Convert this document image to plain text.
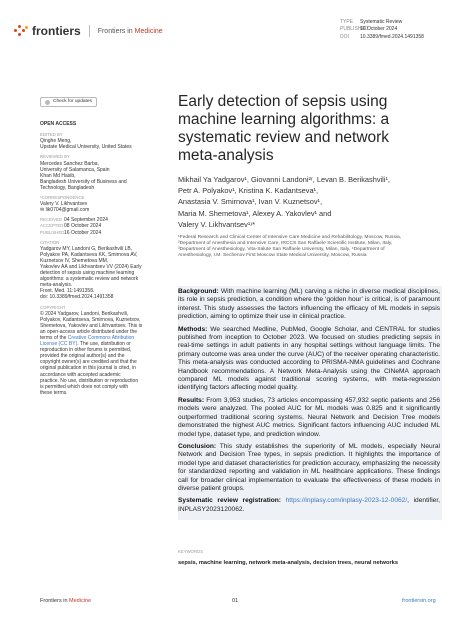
frontiers Frontiers in Medicine
TYPE Systematic Review
PUBLISHED16 October 2024
DOI 10.3389/fmed.2024.1491358
Check for updates
OPEN ACCESS
EDITED BY
Qinghe Meng,
Upstate Medical University, United States
REVIEWED BY
Mercedes Sanchez Barba,
University of Salamanca, Spain
Khan Md Hasib,
Bangladesh University of Business and
Technology, Bangladesh
*CORRESPONDENCE
Valery V. Likhvantsev
✉ lik0704@gmail.com
RECEIVED 04 September 2024
ACCEPTED08 October 2024
PUBLISHED16 October 2024
CITATION
Yadgarov MY, Landoni G, Berikashvili LB,
Polyakov PA, Kadantseva KK, Smirnova AV,
Kuznetsov IV, Shemetova MM,
Yakovlev AA and Likhvantsev VV (2024) Early
detection of sepsis using machine learning
algorithms: a systematic review and network
meta-analysis.
Front. Med. 11:1491358.
doi: 10.3389/fmed.2024.1491358
COPYRIGHT
© 2024 Yadgarov, Landoni, Berikashvili,
Polyakov, Kadantseva, Smirnova, Kuznetsov,
Shemetova, Yakovlev and Likhvantsev. This is
an open-access article distributed under the
terms of the Creative Commons Attribution
License (CC BY). The use, distribution or
reproduction in other forums is permitted,
provided the original author(s) and the
copyright owner(s) are credited and that the
original publication in this journal is cited, in
accordance with accepted academic
practice. No use, distribution or reproduction
is permitted which does not comply with
these terms.
Early detection of sepsis using machine learning algorithms: a systematic review and network meta-analysis
Mikhail Ya Yadgarov¹, Giovanni Landoni²ʳ, Levan B. Berikashvili¹,
Petr A. Polyakov¹, Kristina K. Kadantseva¹,
Anastasia V. Smirnova¹, Ivan V. Kuznetsov¹,
Maria M. Shemetova¹, Alexey A. Yakovlev¹ and
Valery V. Likhvantsev¹ʴ*
¹Federal Research and Clinical Center of Intensive Care Medicine and Rehabilitology, Moscow, Russia,
²Department of Anesthesia and Intensive Care, IRCCS San Raffaele Scientific Institute, Milan, Italy,
³Department of Anesthesiology, Vita-Salute San Raffaele University, Milan, Italy, ⁴Department of
Anesthesiology, I.M. Sechenov First Moscow State Medical University, Moscow, Russia

Background: With machine learning (ML) carving a niche in diverse medical disciplines, its role in sepsis prediction, a condition where the ‘golden hour’ is critical, is of paramount interest. This study assesses the factors influencing the efficacy of ML models in sepsis prediction, aiming to optimize their use in clinical practice.

Methods: We searched Medline, PubMed, Google Scholar, and CENTRAL for studies published from inception to October 2023. We focused on studies predicting sepsis in real-time settings in adult patients in any hospital settings without language limits. The primary outcome was area under the curve (AUC) of the receiver operating characteristic. This meta-analysis was conducted according to PRISMA-NMA guidelines and Cochrane Handbook recommendations. A Network Meta-Analysis using the CINeMA approach compared ML models against traditional scoring systems, with meta-regression identifying factors affecting model quality.

Results: From 3,953 studies, 73 articles encompassing 457,932 septic patients and 256 models were analyzed. The pooled AUC for ML models was 0.825 and it significantly outperformed traditional scoring systems. Neural Network and Decision Tree models demonstrated the highest AUC metrics. Significant factors influencing AUC included ML model type, dataset type, and prediction window.

Conclusion: This study establishes the superiority of ML models, especially Neural Network and Decision Tree types, in sepsis prediction. It highlights the importance of model type and dataset characteristics for prediction accuracy, emphasizing the necessity for standardized reporting and validation in ML healthcare applications. These findings call for broader clinical implementation to evaluate the effectiveness of these models in diverse patient groups.

Systematic review registration: https://inplasy.com/inplasy-2023-12-0062/, identifier, INPLASY2023120062.

KEYWORDS
sepsis, machine learning, network meta-analysis, decision trees, neural networks
Frontiers in Medicine	01	frontiersin.org
